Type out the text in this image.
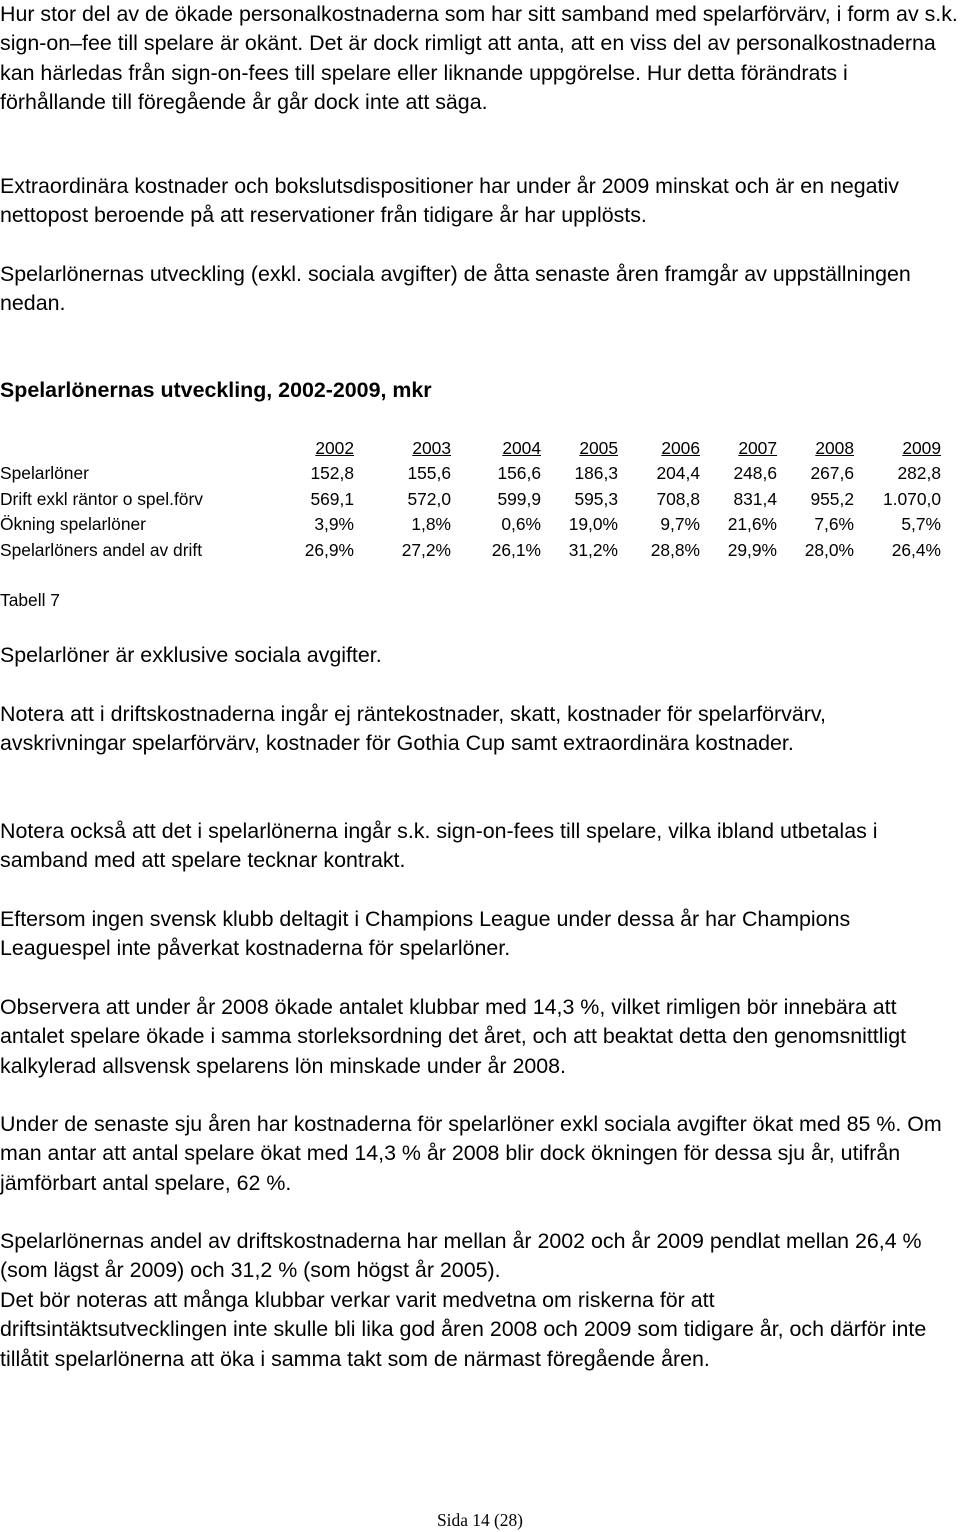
Hur stor del av de ökade personalkostnaderna som har sitt samband med spelarförvärv, i form av s.k. sign-on–fee till spelare är okänt. Det är dock rimligt att anta, att en viss del av personalkostnaderna kan härledas från sign-on-fees till spelare eller liknande uppgörelse. Hur detta förändrats i förhållande till föregående år går dock inte att säga.

Extraordinära kostnader och bokslutsdispositioner har under år 2009 minskat och är en negativ nettopost beroende på att reservationer från tidigare år har upplösts.

Spelarlönernas utveckling (exkl. sociala avgifter) de åtta senaste åren framgår av uppställningen nedan.

Spelarlönernas utveckling, 2002-2009, mkr

2002	2003	2004 2005 2006 2007 2008	2009
Spelarlöner	152,8	155,6	156,6 186,3 204,4 248,6 267,6 282,8
Drift exkl räntor o spel.förv	569,1	572,0	599,9 595,3 708,8 831,4 955,2 1.070,0
Ökning spelarlöner	3,9%	1,8%	0,6% 19,0% 9,7% 21,6% 7,6%	5,7%
Spelarlöners andel av drift	26,9%	27,2% 26,1% 31,2% 28,8% 29,9% 28,0% 26,4%

Tabell 7

Spelarlöner är exklusive sociala avgifter.

Notera att i driftskostnaderna ingår ej räntekostnader, skatt, kostnader för spelarförvärv, avskrivningar spelarförvärv, kostnader för Gothia Cup samt extraordinära kostnader.

Notera också att det i spelarlönerna ingår s.k. sign-on-fees till spelare, vilka ibland utbetalas i samband med att spelare tecknar kontrakt.

Eftersom ingen svensk klubb deltagit i Champions League under dessa år har Champions Leaguespel inte påverkat kostnaderna för spelarlöner.

Observera att under år 2008 ökade antalet klubbar med 14,3 %, vilket rimligen bör innebära att antalet spelare ökade i samma storleksordning det året, och att beaktat detta den genomsnittligt kalkylerad allsvensk spelarens lön minskade under år 2008.

Under de senaste sju åren har kostnaderna för spelarlöner exkl sociala avgifter ökat med 85 %. Om man antar att antal spelare ökat med 14,3 % år 2008 blir dock ökningen för dessa sju år, utifrån jämförbart antal spelare, 62 %.

Spelarlönernas andel av driftskostnaderna har mellan år 2002 och år 2009 pendlat mellan 26,4 % (som lägst år 2009) och 31,2 % (som högst år 2005).

Det bör noteras att många klubbar verkar varit medvetna om riskerna för att driftsintäktsutvecklingen inte skulle bli lika god åren 2008 och 2009 som tidigare år, och därför inte tillåtit spelarlönerna att öka i samma takt som de närmast föregående åren.

Sida 14 (28)
